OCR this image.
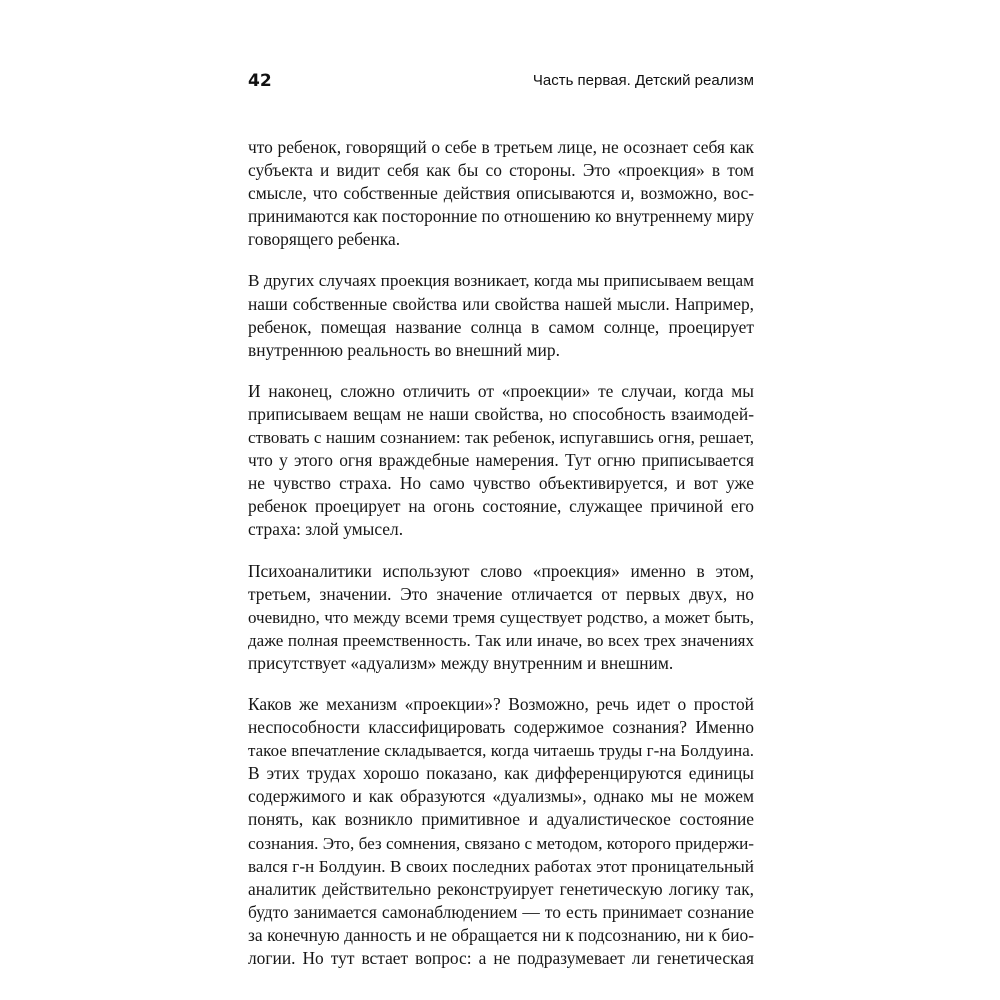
42	Часть первая. Детский реализм

что ребенок, говорящий о себе в третьем лице, не осознает себя как
субъекта и видит себя как бы со стороны. Это «проекция» в том
смысле, что собственные действия описываются и, возможно, вос-
принимаются как посторонние по отношению ко внутреннему миру
говорящего ребенка.

В других случаях проекция возникает, когда мы приписываем вещам
наши собственные свойства или свойства нашей мысли. Например,
ребенок, помещая название солнца в самом солнце, проецирует
внутреннюю реальность во внешний мир.

И наконец, сложно отличить от «проекции» те случаи, когда мы
приписываем вещам не наши свойства, но способность взаимодей-
ствовать с нашим сознанием: так ребенок, испугавшись огня, решает,
что у этого огня враждебные намерения. Тут огню приписывается
не чувство страха. Но само чувство объективируется, и вот уже
ребенок проецирует на огонь состояние, служащее причиной его
страха: злой умысел.

Психоаналитики используют слово «проекция» именно в этом,
третьем, значении. Это значение отличается от первых двух, но
очевидно, что между всеми тремя существует родство, а может быть,
даже полная преемственность. Так или иначе, во всех трех значениях
присутствует «адуализм» между внутренним и внешним.

Каков же механизм «проекции»? Возможно, речь идет о простой
неспособности классифицировать содержимое сознания? Именно
такое впечатление складывается, когда читаешь труды г-на Болдуина.
В этих трудах хорошо показано, как дифференцируются единицы
содержимого и как образуются «дуализмы», однако мы не можем
понять, как возникло примитивное и адуалистическое состояние
сознания. Это, без сомнения, связано с методом, которого придержи-
вался г-н Болдуин. В своих последних работах этот проницательный
аналитик действительно реконструирует генетическую логику так,
будто занимается самонаблюдением — то есть принимает сознание
за конечную данность и не обращается ни к подсознанию, ни к био-
логии. Но тут встает вопрос: а не подразумевает ли генетическая
